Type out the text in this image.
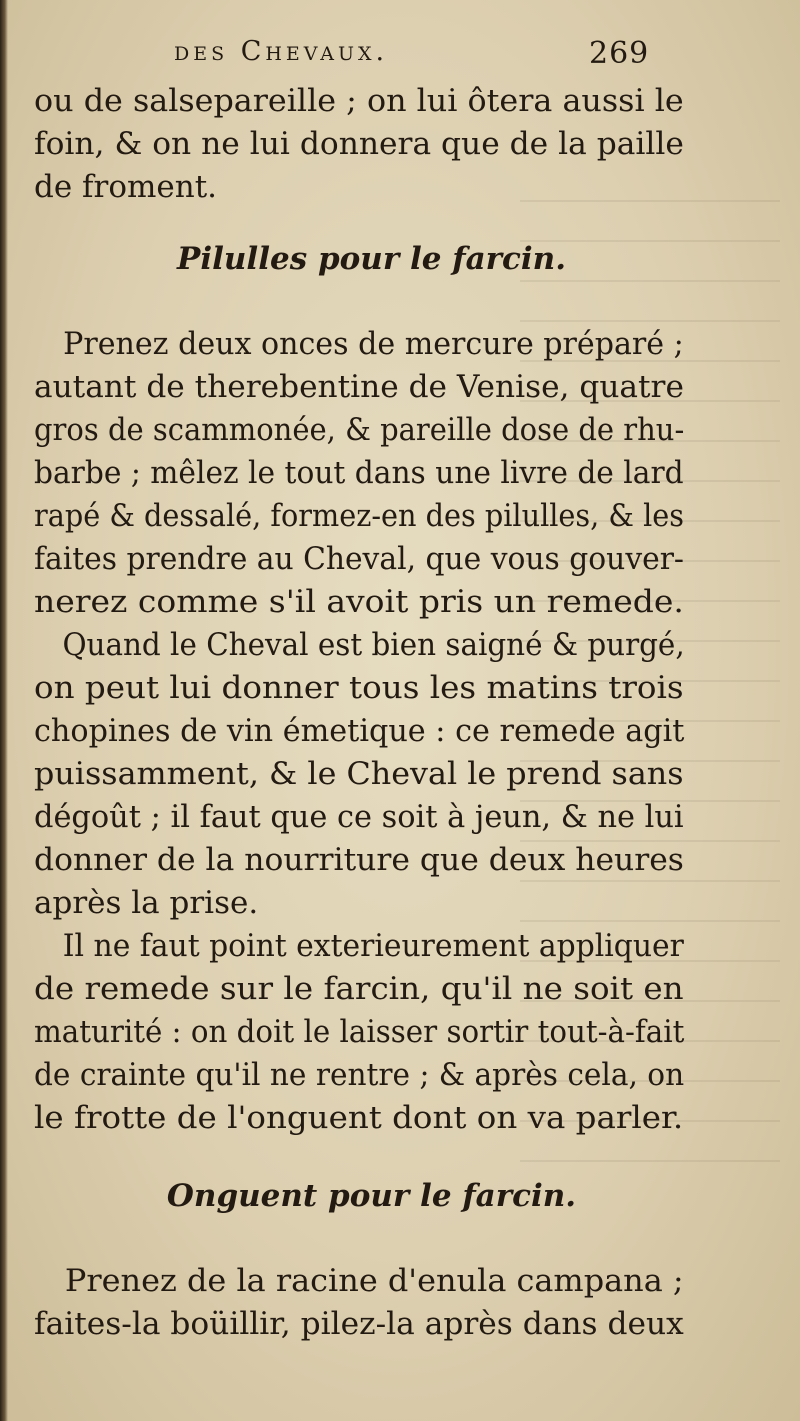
des Chevaux.	269
ou de salsepareille ; on lui ôtera aussi le
foin, & on ne lui donnera que de la paille
de froment.
Pilulles pour le farcin.
Prenez deux onces de mercure préparé ;
autant de therebentine de Venise, quatre
gros de scammonée, & pareille dose de rhu-
barbe ; mêlez le tout dans une livre de lard
rapé & dessalé, formez-en des pilulles, & les
faites prendre au Cheval, que vous gouver-
nerez comme s'il avoit pris un remede.
Quand le Cheval est bien saigné & purgé,
on peut lui donner tous les matins trois
chopines de vin émetique : ce remede agit
puissamment, & le Cheval le prend sans
dégoût ; il faut que ce soit à jeun, & ne lui
donner de la nourriture que deux heures
après la prise.
Il ne faut point exterieurement appliquer
de remede sur le farcin, qu'il ne soit en
maturité : on doit le laisser sortir tout-à-fait
de crainte qu'il ne rentre ; & après cela, on
le frotte de l'onguent dont on va parler.
Onguent pour le farcin.
Prenez de la racine d'enula campana ;
faites-la boüillir, pilez-la après dans deux
